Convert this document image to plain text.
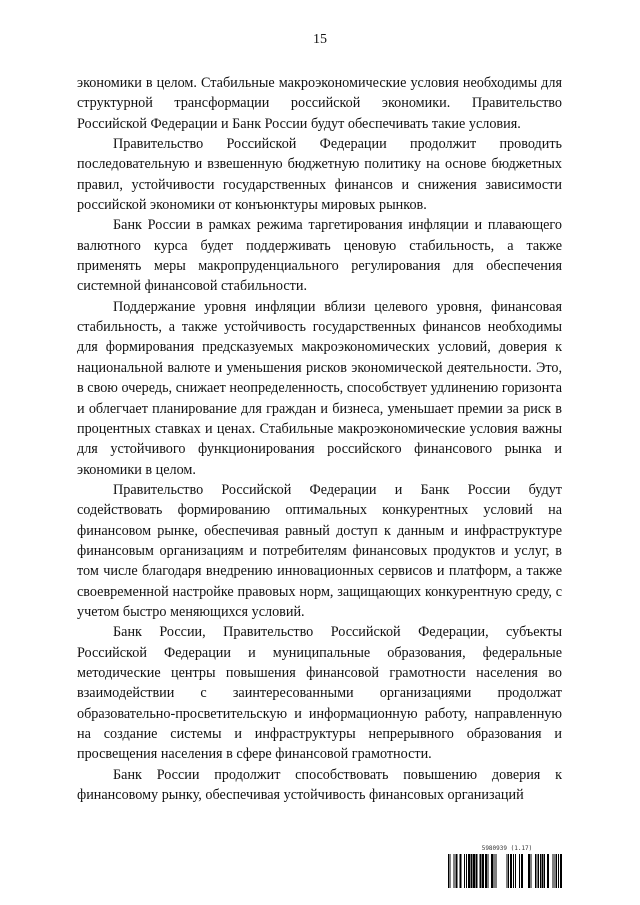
15

экономики в целом. Стабильные макроэкономические условия необходимы для структурной трансформации российской экономики. Правительство Российской Федерации и Банк России будут обеспечивать такие условия.

Правительство Российской Федерации продолжит проводить последовательную и взвешенную бюджетную политику на основе бюджетных правил, устойчивости государственных финансов и снижения зависимости российской экономики от конъюнктуры мировых рынков.

Банк России в рамках режима таргетирования инфляции и плавающего валютного курса будет поддерживать ценовую стабильность, а также применять меры макропруденциального регулирования для обеспечения системной финансовой стабильности.

Поддержание уровня инфляции вблизи целевого уровня, финансовая стабильность, а также устойчивость государственных финансов необходимы для формирования предсказуемых макроэкономических условий, доверия к национальной валюте и уменьшения рисков экономической деятельности. Это, в свою очередь, снижает неопределенность, способствует удлинению горизонта и облегчает планирование для граждан и бизнеса, уменьшает премии за риск в процентных ставках и ценах. Стабильные макроэкономические условия важны для устойчивого функционирования российского финансового рынка и экономики в целом.

Правительство Российской Федерации и Банк России будут содействовать формированию оптимальных конкурентных условий на финансовом рынке, обеспечивая равный доступ к данным и инфраструктуре финансовым организациям и потребителям финансовых продуктов и услуг, в том числе благодаря внедрению инновационных сервисов и платформ, а также своевременной настройке правовых норм, защищающих конкурентную среду, с учетом быстро меняющихся условий.

Банк России, Правительство Российской Федерации, субъекты Российской Федерации и муниципальные образования, федеральные методические центры повышения финансовой грамотности населения во взаимодействии с заинтересованными организациями продолжат образовательно-просветительскую и информационную работу, направленную на создание системы и инфраструктуры непрерывного образования и просвещения населения в сфере финансовой грамотности.

Банк России продолжит способствовать повышению доверия к финансовому рынку, обеспечивая устойчивость финансовых организаций

5980939 (1.17)
